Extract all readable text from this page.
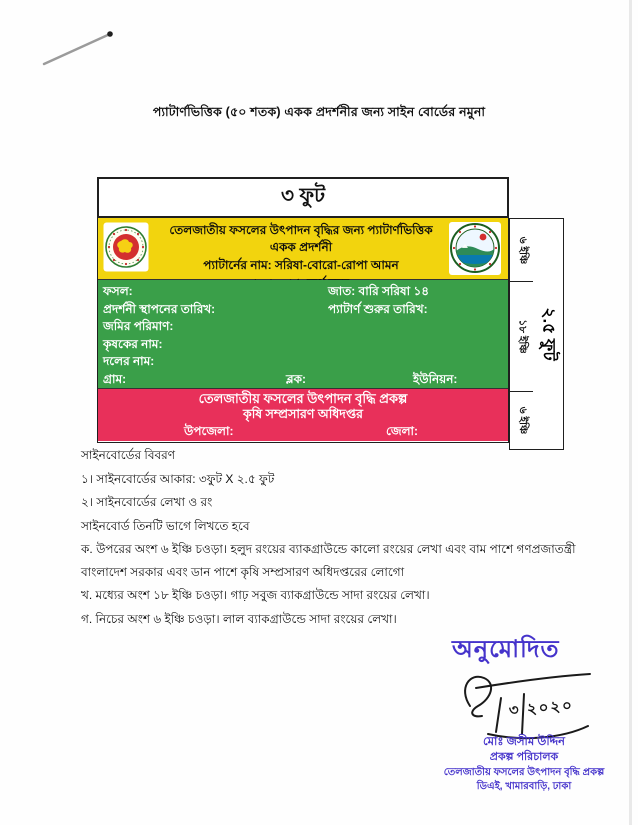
প্যাটার্ণভিত্তিক (৫০ শতক) একক প্রদর্শনীর জন্য সাইন বোর্ডের নমুনা
৩ ফুট
তেলজাতীয় ফসলের উৎপাদন বৃদ্ধির জন্য প্যাটার্ণভিত্তিক একক প্রদর্শনী
প্যাটার্নের নাম: সরিষা-বোরো-রোপা আমন
ফসল:	জাত: বারি সরিষা ১৪
প্রদর্শনী স্থাপনের তারিখ:	প্যাটার্ণ শুরুর তারিখ:
জমির পরিমাণ:
কৃষকের নাম:
দলের নাম:
গ্রাম:	ব্লক:	ইউনিয়ন:
তেলজাতীয় ফসলের উৎপাদন বৃদ্ধি প্রকল্প
কৃষি সম্প্রসারণ অধিদপ্তর
উপজেলা:	জেলা:
৬ ইঞ্চি
১৮ ইঞ্চি
৬ ইঞ্চি
২.৫ ফুট
সাইনবোর্ডের বিবরণ
১। সাইনবোর্ডের আকার: ৩ফুট X ২.৫ ফুট
২। সাইনবোর্ডের লেখা ও রং
সাইনবোর্ড তিনটি ভাগে লিখতে হবে
ক. উপরের অংশ ৬ ইঞ্চি চওড়া। হলুদ রংয়ের ব্যাকগ্রাউন্ডে কালো রংয়ের লেখা এবং বাম পাশে গণপ্রজাতন্ত্রী
বাংলাদেশ সরকার এবং ডান পাশে কৃষি সম্প্রসারণ অধিদপ্তরের লোগো
খ. মধ্যের অংশ ১৮ ইঞ্চি চওড়া। গাঢ় সবুজ ব্যাকগ্রাউন্ডে সাদা রংয়ের লেখা।
গ. নিচের অংশ ৬ ইঞ্চি চওড়া। লাল ব্যাকগ্রাউন্ডে সাদা রংয়ের লেখা।
অনুমোদিত
৩ ২০২০
মোঃ জসীম উদ্দিন
প্রকল্প পরিচালক
তেলজাতীয় ফসলের উৎপাদন বৃদ্ধি প্রকল্প
ডিএই, খামারবাড়ি, ঢাকা
